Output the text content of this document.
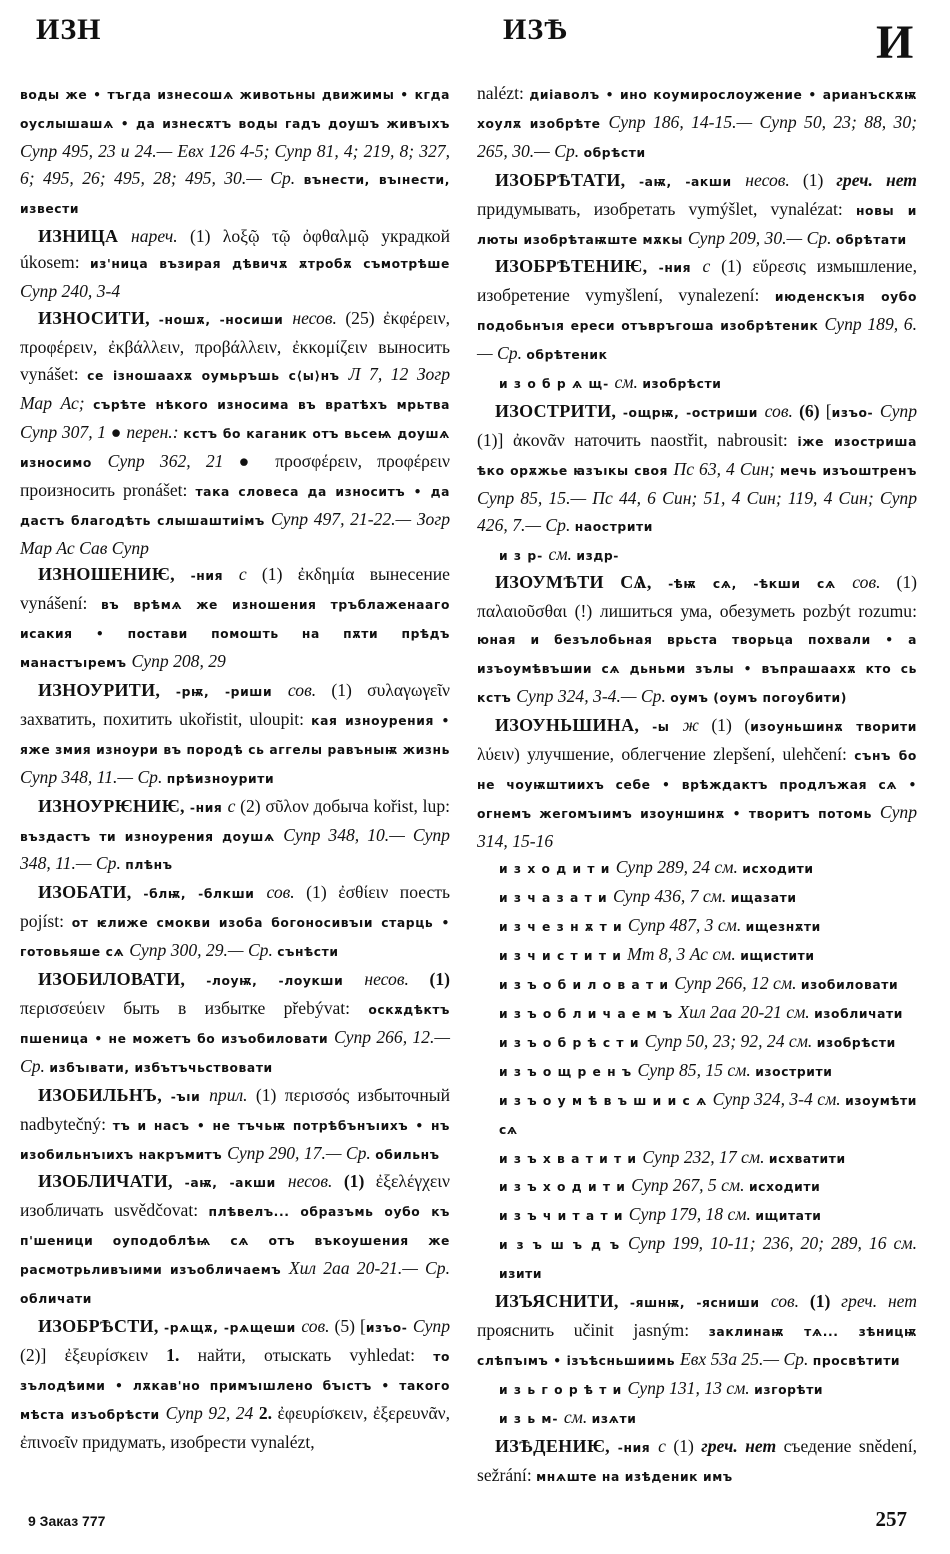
ИЗН	ИЗѢ	И

воды же • тъгда изнесошѧ животьны движимы • кгда оуслышашѧ • да изнесѫтъ воды гадъ доушъ живъıхъ Супр 495, 23 и 24.— Евх 126 4-5; Супр 81, 4; 219, 8; 327, 6; 495, 26; 495, 28; 495, 30.— Ср. вънести, въıнести, извести

ИЗНИЦА нареч. (1) λοξῷ τῷ ὀφθαλμῷ украдкой úkosem: из'ница възирая дѣвичѫ ѫтробѫ съмотрѣше Супр 240, 3-4

ИЗНОСИТИ, -ношѫ, -носиши несов. (25) ἐκφέρειν, προφέρειν, ἐκβάλλειν, προβάλλειν, ἐκκομίζειν выносить vynášet: се ізношаахѫ оумьръшь с⟨ы⟩нъ Л 7, 12 Зогр Мар Ас; сърѣте нѣкого износима въ вратѣхъ мрьтва Супр 307, 1 ● перен.: кстъ бо каганик отъ вьсеѩ доушѧ износимо Супр 362, 21 ● προσφέρειν, προφέρειν произносить pronášet: така словеса да износитъ • да дастъ благодѣть слышаштиімъ Супр 497, 21-22.— Зогр Мар Ас Сав Супр

ИЗНОШЕНИѤ, -ния с (1) ἐκδημία вынесение vynášení: въ врѣмѧ же изношения тръблаженааго исакия • постави помошть на пѫти прѣдъ манастъıремъ Супр 208, 29

ИЗНОУРИТИ, -рѭ, -риши сов. (1) συλαγωγεῖν захватить, похитить ukořistit, uloupit: кая изноурения • яже змия изноури въ породѣ сь аггелы равъныѭ жизнь Супр 348, 11.— Ср. прѣизноурити

ИЗНОУРѤНИѤ, -ния с (2) σῦλον добыча kořist, lup: въздастъ ти изноурения доушѧ Супр 348, 10.— Супр 348, 11.— Ср. плѣнъ

ИЗОБАТИ, -блѭ, -блкши сов. (1) ἐσθίειν поесть pojíst: от ѥлиже смокви изоба богоносивъıи старць • готовьяше сѧ Супр 300, 29.— Ср. сънѣсти

ИЗОБИЛОВАТИ, -лоуѭ, -лоукши несов. (1) περισσεύειν быть в избытке přebývat: оскѫдѣктъ пшеница • не можетъ бо изъобиловати Супр 266, 12.— Ср. избъıвати, избътъчьствовати

ИЗОБИЛЬНЪ, -ъıи прил. (1) περισσός избыточный nadbytečný: тъ и насъ • не тъчьѭ потрѣбънъıихъ • нъ изобильнъıихъ накръмитъ Супр 290, 17.— Ср. обильнъ

ИЗОБЛИЧАТИ, -аѭ, -акши несов. (1) ἐξελέγχειν изобличать usvědčovat: плѣвелъ... образъмь оубо къ п'шеници оуподоблѣѩ сѧ отъ въкоушения же расмотрьливъıими изъобличаемъ Хил 2аа 20-21.— Ср. обличати

ИЗОБРѢСТИ, -рѧщѫ, -рѧщеши сов. (5) [изъо- Супр (2)] ἐξευρίσκειν 1. найти, отыскать vyhledat: то зълодѣими • лѫкав'но примъıшлено бъıстъ • такого мѣста изъобрѣсти Супр 92, 24 2. ἐφευρίσκειν, ἐξερευνᾶν, ἐπινοεῖν придумать, изобрести vynalézt,

nalézt: диіаволъ • ино коумирослоужение • арианъскѫѭ хоулѫ изобрѣте Супр 186, 14-15.— Супр 50, 23; 88, 30; 265, 30.— Ср. обрѣсти

ИЗОБРѢТАТИ, -аѭ, -акши несов. (1) греч. нет придумывать, изобретать vymýšlet, vynalézat: новы и люты изобрѣтаѭште мѫкы Супр 209, 30.— Ср. обрѣтати

ИЗОБРѢТЕНИѤ, -ния с (1) εὕρεσις измышление, изобретение vymyšlení, vynalezení: июденскъıя оубо подобьнъıя ереси отъвръгоша изобрѣтеник Супр 189, 6.— Ср. обрѣтеник

и з о б р ѧ щ- см. изобрѣсти

ИЗОСТРИТИ, -ощрѭ, -остриши сов. (6) [изъо- Супр (1)] ἀκονᾶν наточить naostřit, nabrousit: іже изостриша ѣко орѫжье ꙗзъıкы своя Пс 63, 4 Син; мечь изъоштренъ Супр 85, 15.— Пс 44, 6 Син; 51, 4 Син; 119, 4 Син; Супр 426, 7.— Ср. наострити

и з р- см. издр-

ИЗОУМѢТИ СѦ, -ѣѭ сѧ, -ѣкши сѧ сов. (1) παλαιοῦσθαι (!) лишиться ума, обезуметь pozbýt rozumu: юная и безълобьная врьста творьца похвали • а изъоумѣвъшии сѧ дьньми зълы • въпрашаахѫ кто сь кстъ Супр 324, 3-4.— Ср. оумъ (оумъ погоубити)

ИЗОУНЬШИНА, -ы ж (1) (изоуньшинѫ творити λύειν) улучшение, облегчение zlepšení, ulehčení: сънъ бо не чоуѭштиихъ себе • врѣждактъ продлъжая сѧ • огнемъ жегомъıимъ изоуншинѫ • творитъ потомь Супр 314, 15-16

и з х о д и т и Супр 289, 24 см. исходити

и з ч а з а т и Супр 436, 7 см. ищазати

и з ч е з н ѫ т и Супр 487, 3 см. ищезнѫти

и з ч и с т и т и Мт 8, 3 Ас см. ищистити

и з ъ о б и л о в а т и Супр 266, 12 см. изобиловати

и з ъ о б л и ч а е м ъ Хил 2аа 20-21 см. изобличати

и з ъ о б р ѣ с т и Супр 50, 23; 92, 24 см. изобрѣсти

и з ъ о щ р е н ъ Супр 85, 15 см. изострити

и з ъ о у м ѣ в ъ ш и и с ѧ Супр 324, 3-4 см. изоумѣти сѧ

и з ъ х в а т и т и Супр 232, 17 см. исхватити

и з ъ х о д и т и Супр 267, 5 см. исходити

и з ъ ч и т а т и Супр 179, 18 см. ищитати

и з ъ ш ъ д ъ Супр 199, 10-11; 236, 20; 289, 16 см. изити

ИЗЪЯСНИТИ, -яшнѭ, -ясниши сов. (1) греч. нет прояснить učinit jasným: заклинаѭ тѧ... зѣницѭ слѣпъıмъ • ізъѣсньшиимь Евх 53а 25.— Ср. просвѣтити

и з ь г о р ѣ т и Супр 131, 13 см. изгорѣти

и з ь м- см. изѧти

ИЗѢДЕНИѤ, -ния с (1) греч. нет съедение snědení, sežrání: мнѧште на изѣденик имъ

9 Заказ 777	257
